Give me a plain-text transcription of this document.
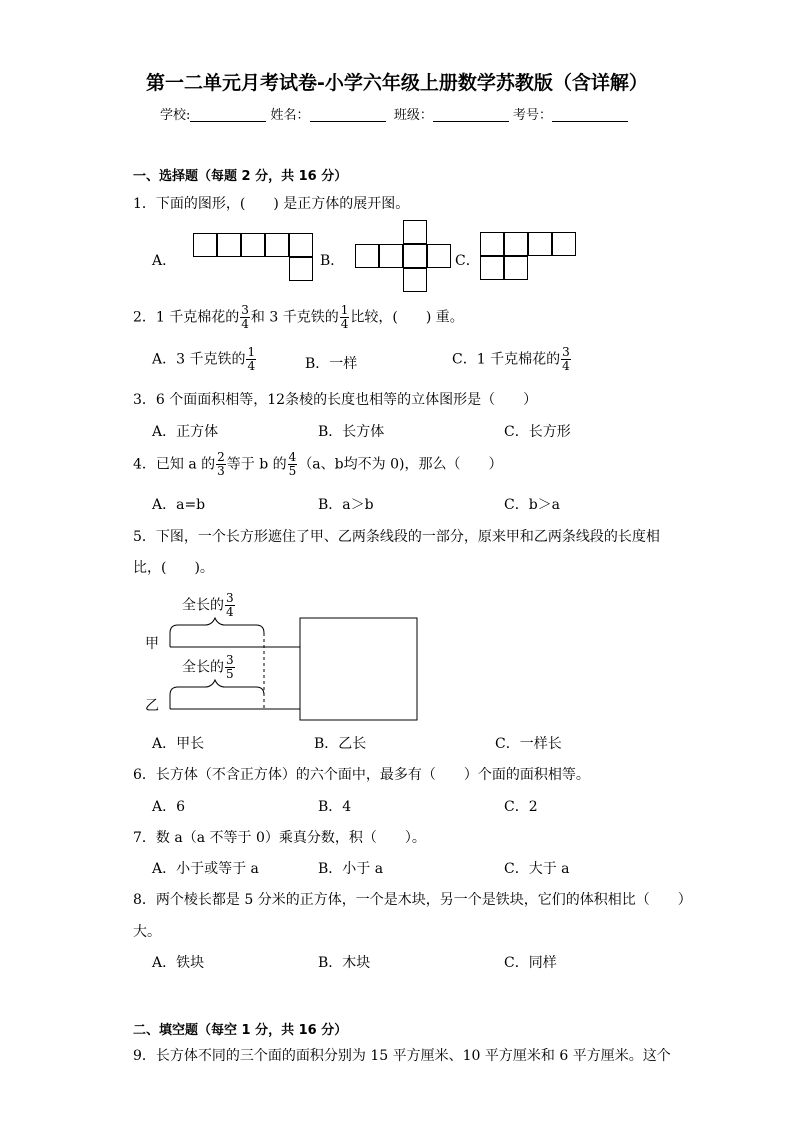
第一二单元月考试卷-小学六年级上册数学苏教版（含详解）
学校:	姓名：	班级：	考号：
一、选择题（每题 2 分，共 16 分）
1．下面的图形，(　　) 是正方体的展开图。
A．	B．	C．
2．1 千克棉花的 $\frac{3}{4}$ 和 3 千克铁的 $\frac{1}{4}$ 比较，(　　) 重。
A．3 千克铁的 $\frac{1}{4}$	B．一样	C．1 千克棉花的 $\frac{3}{4}$
3．6 个面面积相等，12条棱的长度也相等的立体图形是（　　）
A．正方体	B．长方体	C．长方形
4．已知 a 的 $\frac{2}{3}$ 等于 b 的 $\frac{4}{5} (a$、b均不为 0)，那么（　　）
A．a=b	B．a＞b	C．b＞a
5．下图，一个长方形遮住了甲、乙两条线段的一部分，原来甲和乙两条线段的长度相
比，(　　)。
甲
乙
全长的 $\frac{3}{4}$
全长的 $\frac{3}{5}$
A．甲长	B．乙长	C．一样长
6．长方体（不含正方体）的六个面中，最多有（　　）个面的面积相等。
A．6	B．4	C．2
7．数 a（a 不等于 0）乘真分数，积（　　）。
A．小于或等于 a	B．小于 a	C．大于 a
8．两个棱长都是 5 分米的正方体，一个是木块，另一个是铁块，它们的体积相比（　　）
大。
A．铁块	B．木块	C．同样
二、填空题（每空 1 分，共 16 分）
9．长方体不同的三个面的面积分别为 15 平方厘米、10 平方厘米和 6 平方厘米。这个
